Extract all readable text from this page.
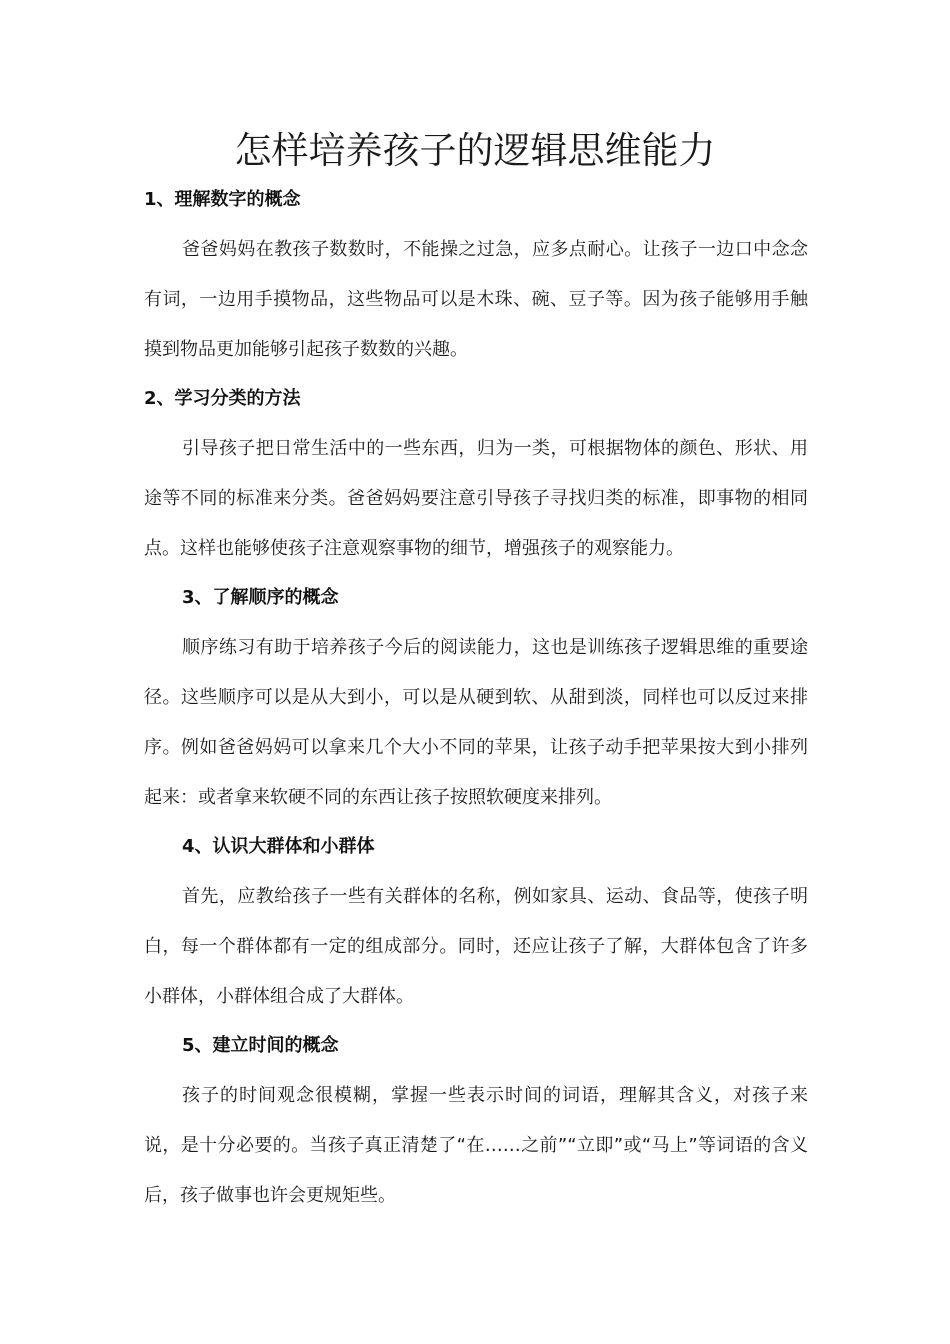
怎样培养孩子的逻辑思维能力
1、理解数字的概念

爸爸妈妈在教孩子数数时，不能操之过急，应多点耐心。让孩子一边口中念念有词，一边用手摸物品，这些物品可以是木珠、碗、豆子等。因为孩子能够用手触摸到物品更加能够引起孩子数数的兴趣。

2、学习分类的方法

引导孩子把日常生活中的一些东西，归为一类，可根据物体的颜色、形状、用途等不同的标准来分类。爸爸妈妈要注意引导孩子寻找归类的标准，即事物的相同点。这样也能够使孩子注意观察事物的细节，增强孩子的观察能力。

3、了解顺序的概念

顺序练习有助于培养孩子今后的阅读能力，这也是训练孩子逻辑思维的重要途径。这些顺序可以是从大到小，可以是从硬到软、从甜到淡，同样也可以反过来排序。例如爸爸妈妈可以拿来几个大小不同的苹果，让孩子动手把苹果按大到小排列起来：或者拿来软硬不同的东西让孩子按照软硬度来排列。

4、认识大群体和小群体

首先，应教给孩子一些有关群体的名称，例如家具、运动、食品等，使孩子明白，每一个群体都有一定的组成部分。同时，还应让孩子了解，大群体包含了许多小群体，小群体组合成了大群体。

5、建立时间的概念

孩子的时间观念很模糊，掌握一些表示时间的词语，理解其含义，对孩子来说，是十分必要的。当孩子真正清楚了“在……之前”“立即”或“马上”等词语的含义后，孩子做事也许会更规矩些。
